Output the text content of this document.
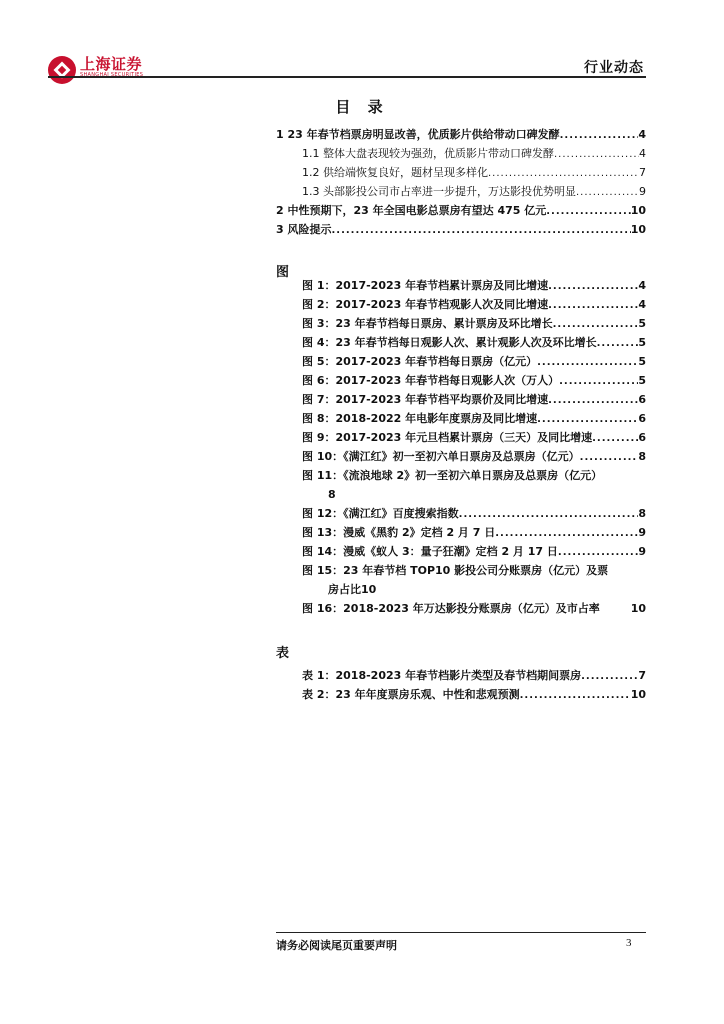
上海证券
SHANGHAI SECURITIES	行业动态
目 录
1 23 年春节档票房明显改善，优质影片供给带动口碑发酵 .....	4
1.1 整体大盘表现较为强劲，优质影片带动口碑发酵 .....	4
1.2 供给端恢复良好，题材呈现多样化 .....	7
1.3 头部影投公司市占率进一步提升，万达影投优势明显 .....	9
2 中性预期下，23 年全国电影总票房有望达 475 亿元 .....	10
3 风险提示 .....	10
图
图 1：2017-2023 年春节档累计票房及同比增速 .....	4
图 2：2017-2023 年春节档观影人次及同比增速 .....	4
图 3：23 年春节档每日票房、累计票房及环比增长 .....	5
图 4：23 年春节档每日观影人次、累计观影人次及环比增长 .....	5
图 5：2017-2023 年春节档每日票房（亿元） .....	5
图 6：2017-2023 年春节档每日观影人次（万人） .....	5
图 7：2017-2023 年春节档平均票价及同比增速 .....	6
图 8：2018-2022 年电影年度票房及同比增速 .....	6
图 9：2017-2023 年元旦档累计票房（三天）及同比增速 .....	6
图 10：《满江红》初一至初六单日票房及总票房（亿元） .....	8
图 11：《流浪地球 2》初一至初六单日票房及总票房（亿元）
8
图 12：《满江红》百度搜索指数 .....	8
图 13：漫威《黑豹 2》定档 2 月 7 日 .....	9
图 14：漫威《蚁人 3：量子狂潮》定档 2 月 17 日 .....	9
图 15：23 年春节档 TOP10 影投公司分账票房（亿元）及票
房占比 10
图 16：2018-2023 年万达影投分账票房（亿元）及市占率	10
表
表 1：2018-2023 年春节档影片类型及春节档期间票房 .....	7
表 2：23 年年度票房乐观、中性和悲观预测 .....	10
请务必阅读尾页重要声明	3
